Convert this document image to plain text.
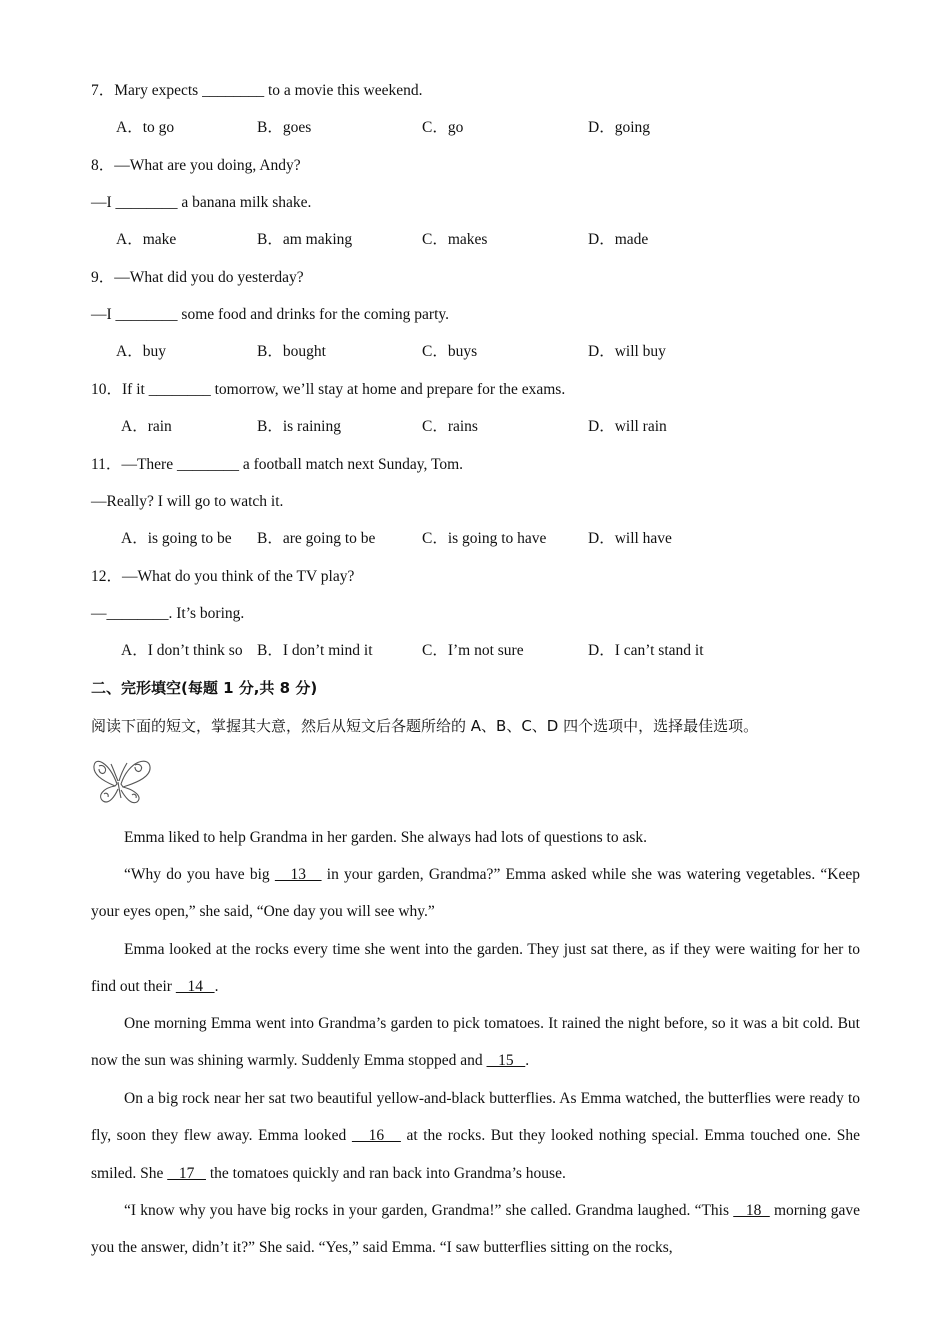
7．Mary expects ________ to a movie this weekend.
A．to go	B．goes	C．go	D．going
8．—What are you doing, Andy?
—I ________ a banana milk shake.
A．make	B．am making	C．makes	D．made
9．—What did you do yesterday?
—I ________ some food and drinks for the coming party.
A．buy	B．bought	C．buys	D．will buy
10．If it ________ tomorrow, we’ll stay at home and prepare for the exams.
A．rain	B．is raining	C．rains	D．will rain
11．—There ________ a football match next Sunday, Tom.
—Really? I will go to watch it.
A．is going to be B．are going to be	C．is going to have	D．will have
12．—What do you think of the TV play?
—________. It’s boring.
A．I don’t think so B．I don’t mind it	C．I’m not sure	D．I can’t stand it
二、完形填空(每题 1 分,共 8 分)
阅读下面的短文，掌握其大意，然后从短文后各题所给的 A、B、C、D 四个选项中，选择最佳选项。
Emma liked to help Grandma in her garden. She always had lots of questions to ask.
“Why do you have big    13    in your garden, Grandma?” Emma asked while she was watering vegetables. “Keep your eyes open,” she said, “One day you will see why.”
Emma looked at the rocks every time she went into the garden. They just sat there, as if they were waiting for her to find out their    14   .
One morning Emma went into Grandma’s garden to pick tomatoes. It rained the night before, so it was a bit cold. But now the sun was shining warmly. Suddenly Emma stopped and    15   .
On a big rock near her sat two beautiful yellow-and-black butterflies. As Emma watched, the butterflies were ready to fly, soon they flew away. Emma looked    16    at the rocks. But they looked nothing special. Emma touched one. She smiled. She    17    the tomatoes quickly and ran back into Grandma’s house.
“I know why you have big rocks in your garden, Grandma!” she called. Grandma laughed. “This    18   morning gave you the answer, didn’t it?” She said. “Yes,” said Emma. “I saw butterflies sitting on the rocks,
